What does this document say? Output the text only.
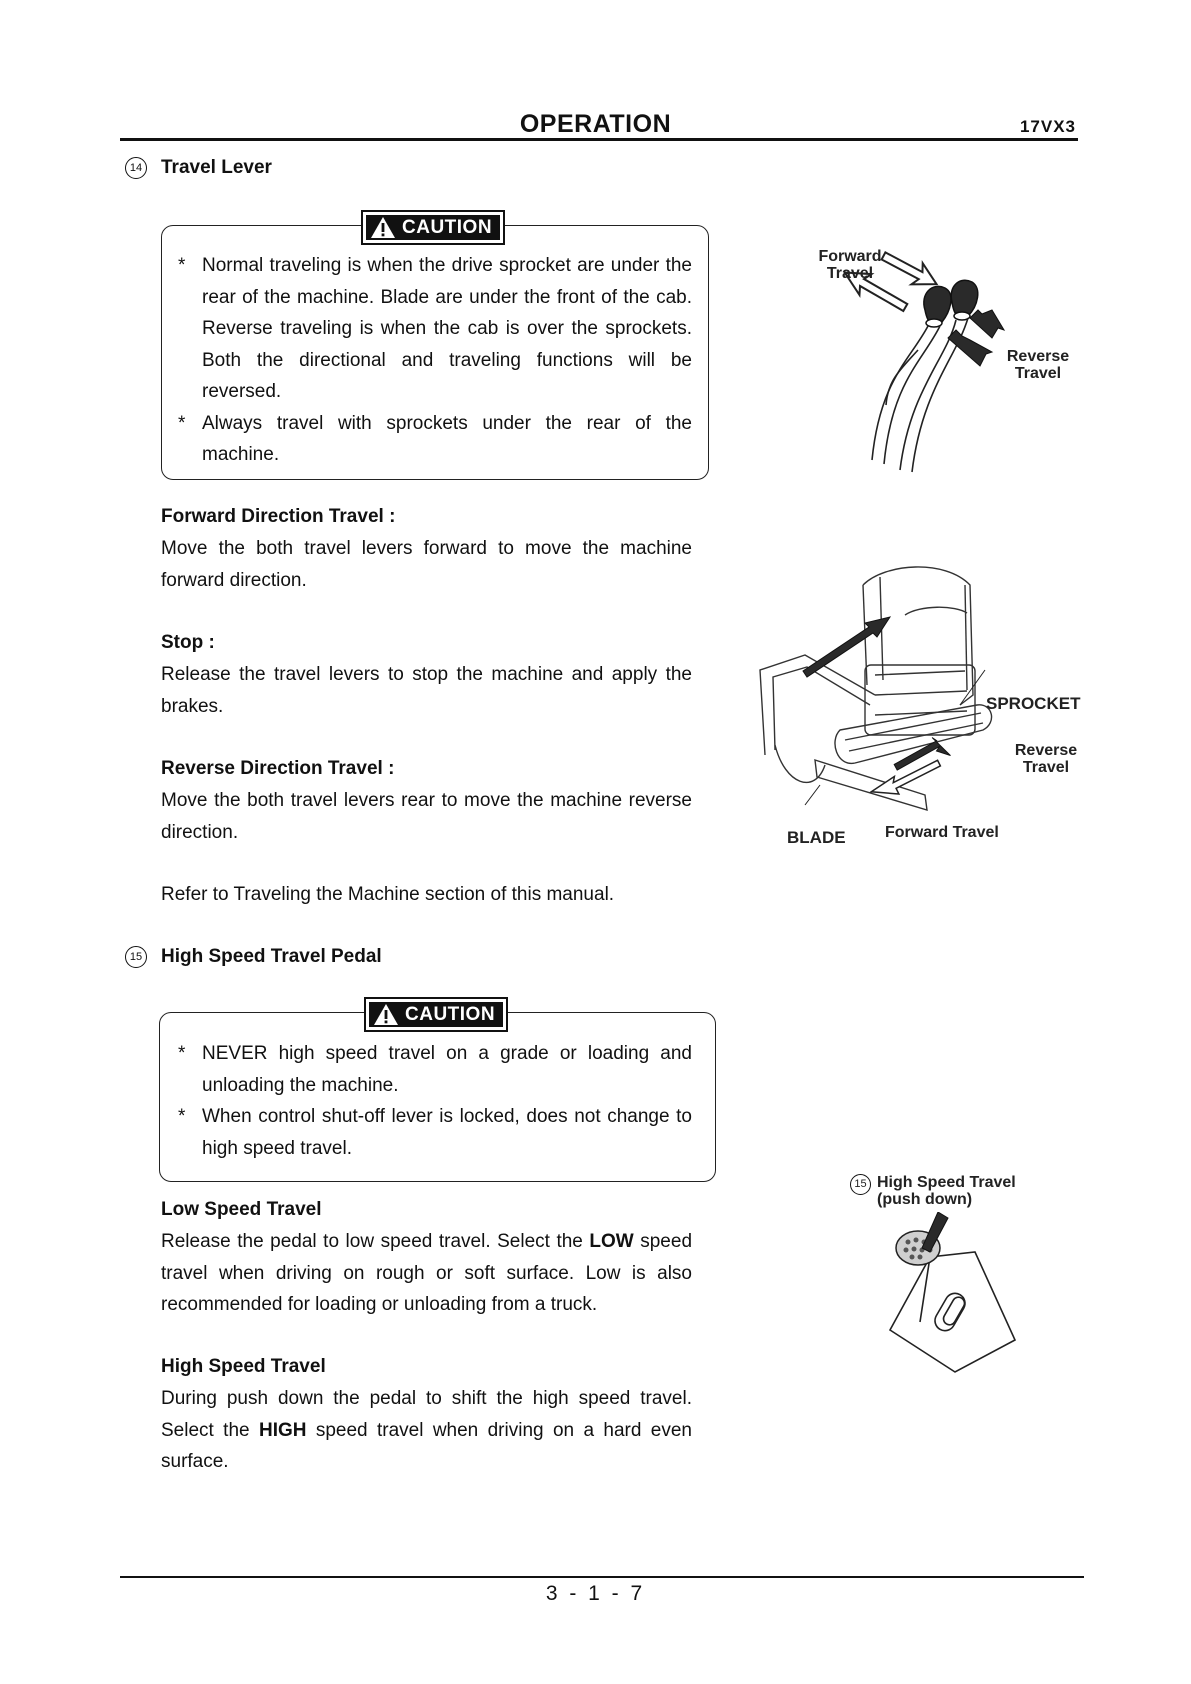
OPERATION	17VX3
14 Travel Lever
CAUTION
* Normal traveling is when the drive sprocket are under the rear of the machine. Blade are under the front of the cab. Reverse traveling is when the cab is over the sprockets. Both the directional and traveling functions will be reversed.
* Always travel with sprockets under the rear of the machine.
Forward Direction Travel :
Move the both travel levers forward to move the machine forward direction.
Stop :
Release the travel levers to stop the machine and apply the brakes.
Reverse Direction Travel :
Move the both travel levers rear to move the machine reverse direction.
Refer to Traveling the Machine section of this manual.
15 High Speed Travel Pedal
CAUTION
* NEVER high speed travel on a grade or loading and unloading the machine.
* When control shut-off lever is locked, does not change to high speed travel.
Low Speed Travel
Release the pedal to low speed travel. Select the LOW speed travel when driving on rough or soft surface. Low is also recommended for loading or unloading from a truck.
High Speed Travel
During push down the pedal to shift the high speed travel. Select the HIGH speed travel when driving on a hard even surface.
Forward
Travel
Reverse
Travel
SPROCKET
Reverse
Travel
BLADE Forward Travel
15 High Speed Travel
(push down)
3 - 1 - 7
